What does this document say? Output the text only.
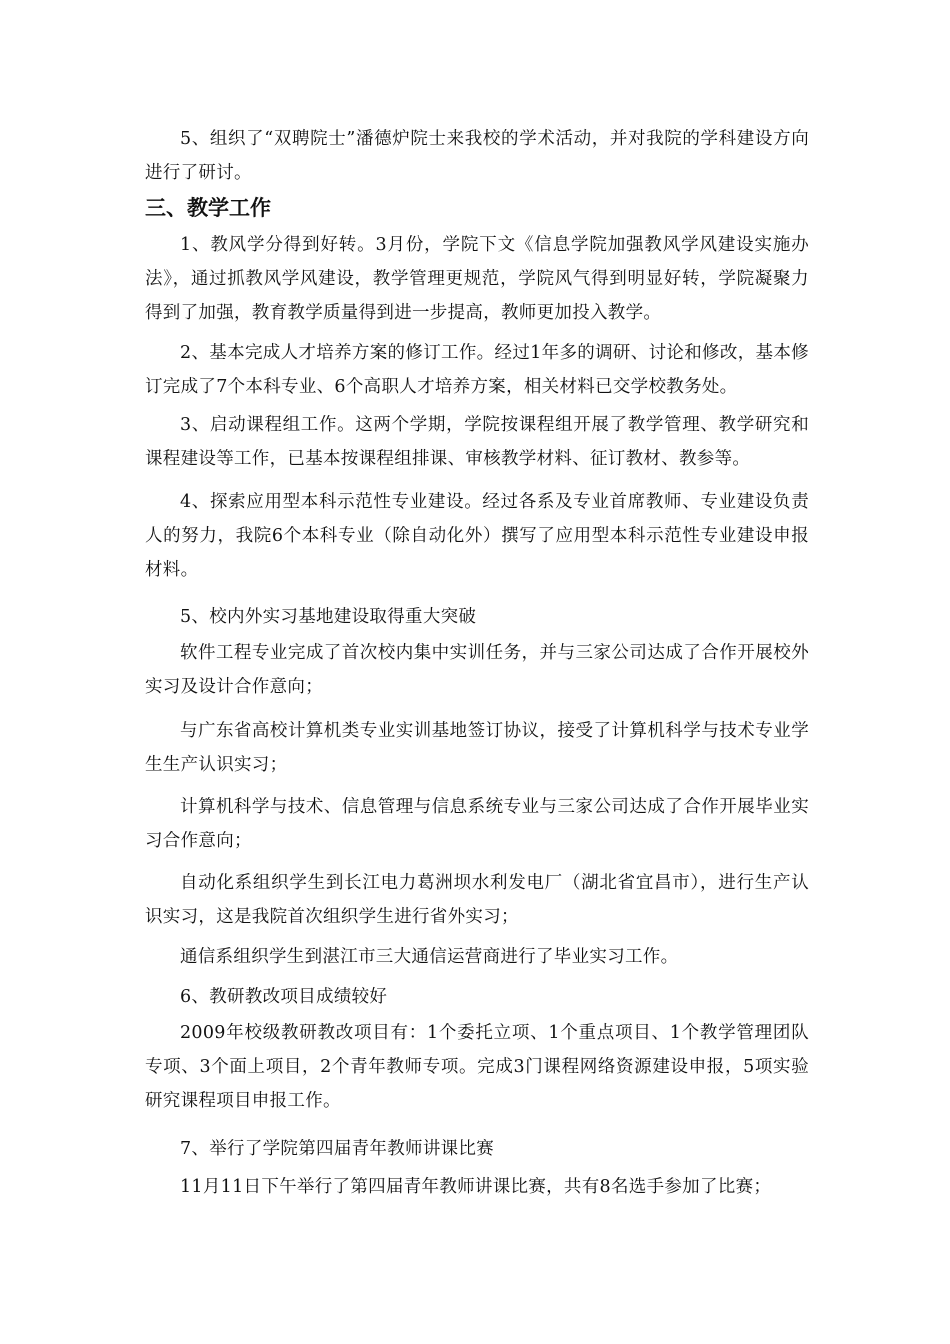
5、组织了“双聘院士”潘德炉院士来我校的学术活动，并对我院的学科建设方向进行了研讨。

三、教学工作

1、教风学分得到好转。3月份，学院下文《信息学院加强教风学风建设实施办法》，通过抓教风学风建设，教学管理更规范，学院风气得到明显好转，学院凝聚力得到了加强，教育教学质量得到进一步提高，教师更加投入教学。

2、基本完成人才培养方案的修订工作。经过1年多的调研、讨论和修改，基本修订完成了7个本科专业、6个高职人才培养方案，相关材料已交学校教务处。

3、启动课程组工作。这两个学期，学院按课程组开展了教学管理、教学研究和课程建设等工作，已基本按课程组排课、审核教学材料、征订教材、教参等。

4、探索应用型本科示范性专业建设。经过各系及专业首席教师、专业建设负责人的努力，我院6个本科专业（除自动化外）撰写了应用型本科示范性专业建设申报材料。

5、校内外实习基地建设取得重大突破

软件工程专业完成了首次校内集中实训任务，并与三家公司达成了合作开展校外实习及设计合作意向；

与广东省高校计算机类专业实训基地签订协议，接受了计算机科学与技术专业学生生产认识实习；

计算机科学与技术、信息管理与信息系统专业与三家公司达成了合作开展毕业实习合作意向；

自动化系组织学生到长江电力葛洲坝水利发电厂（湖北省宜昌市），进行生产认识实习，这是我院首次组织学生进行省外实习；

通信系组织学生到湛江市三大通信运营商进行了毕业实习工作。

6、教研教改项目成绩较好

2009年校级教研教改项目有：1个委托立项、1个重点项目、1个教学管理团队专项、3个面上项目，2个青年教师专项。完成3门课程网络资源建设申报，5项实验研究课程项目申报工作。

7、举行了学院第四届青年教师讲课比赛

11月11日下午举行了第四届青年教师讲课比赛，共有8名选手参加了比赛；
